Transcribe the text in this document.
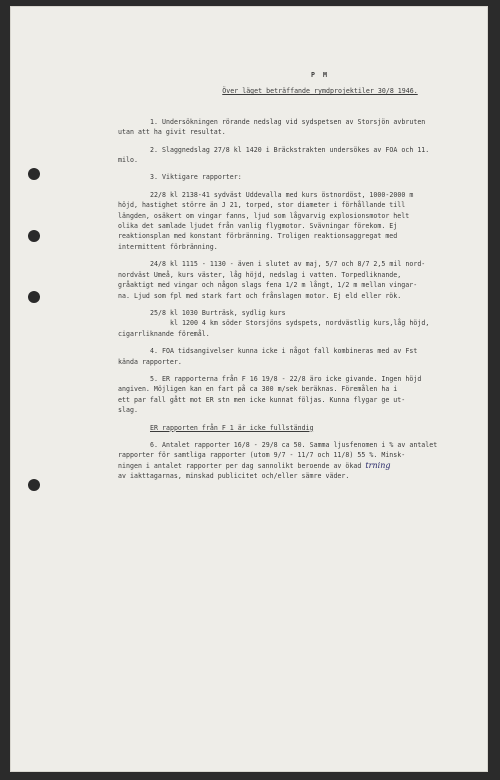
P M
Över läget beträffande rymdprojektiler 30/8 1946.
1. Undersökningen rörande nedslag vid sydspetsen av Storsjön avbruten
utan att ha givit resultat.
2. Slaggnedslag 27/8 kl 1420 i Bräckstrakten undersökes av FOA och 11.
milo.
3. Viktigare rapporter:
22/8 kl 2138-41 sydväst Uddevalla med kurs östnordöst, 1000-2000 m
höjd, hastighet större än J 21, torped, stor diameter i förhållande till
längden, osäkert om vingar fanns, ljud som lågvarvig explosionsmotor helt
olika det samlade ljudet från vanlig flygmotor. Svävningar förekom. Ej
reaktionsplan med konstant förbränning. Troligen reaktionsaggregat med
intermittent förbränning.
24/8 kl 1115 - 1130 - även i slutet av maj, 5/7 och 8/7 2,5 mil nord-
nordväst Umeå, kurs väster, låg höjd, nedslag i vatten. Torpedliknande,
gråaktigt med vingar och någon slags fena 1/2 m långt, 1/2 m mellan vingar-
na. Ljud som fpl med stark fart och frånslagen motor. Ej eld eller rök.
25/8 kl 1030 Burträsk, sydlig kurs
kl 1200 4 km söder Storsjöns sydspets, nordvästlig kurs,låg höjd,
cigarrliknande föremål.
4. FOA tidsangivelser kunna icke i något fall kombineras med av Fst
kända rapporter.
5. ER rapporterna från F 16 19/8 - 22/8 äro icke givande. Ingen höjd
angiven. Möjligen kan en fart på ca 300 m/sek beräknas. Föremålen ha i
ett par fall gått mot ER stn men icke kunnat följas. Kunna flygar ge ut-
slag.
ER rapporten från F 1 är icke fullständig
6. Antalet rapporter 16/8 - 29/8 ca 50. Samma ljusfenomen i % av antalet
rapporter för samtliga rapporter (utom 9/7 - 11/7 och 11/8) 55 %. Minsk-
ningen i antalet rapporter per dag sannolikt beroende av ökad trning
av iakttagarnas, minskad publicitet och/eller sämre väder.
